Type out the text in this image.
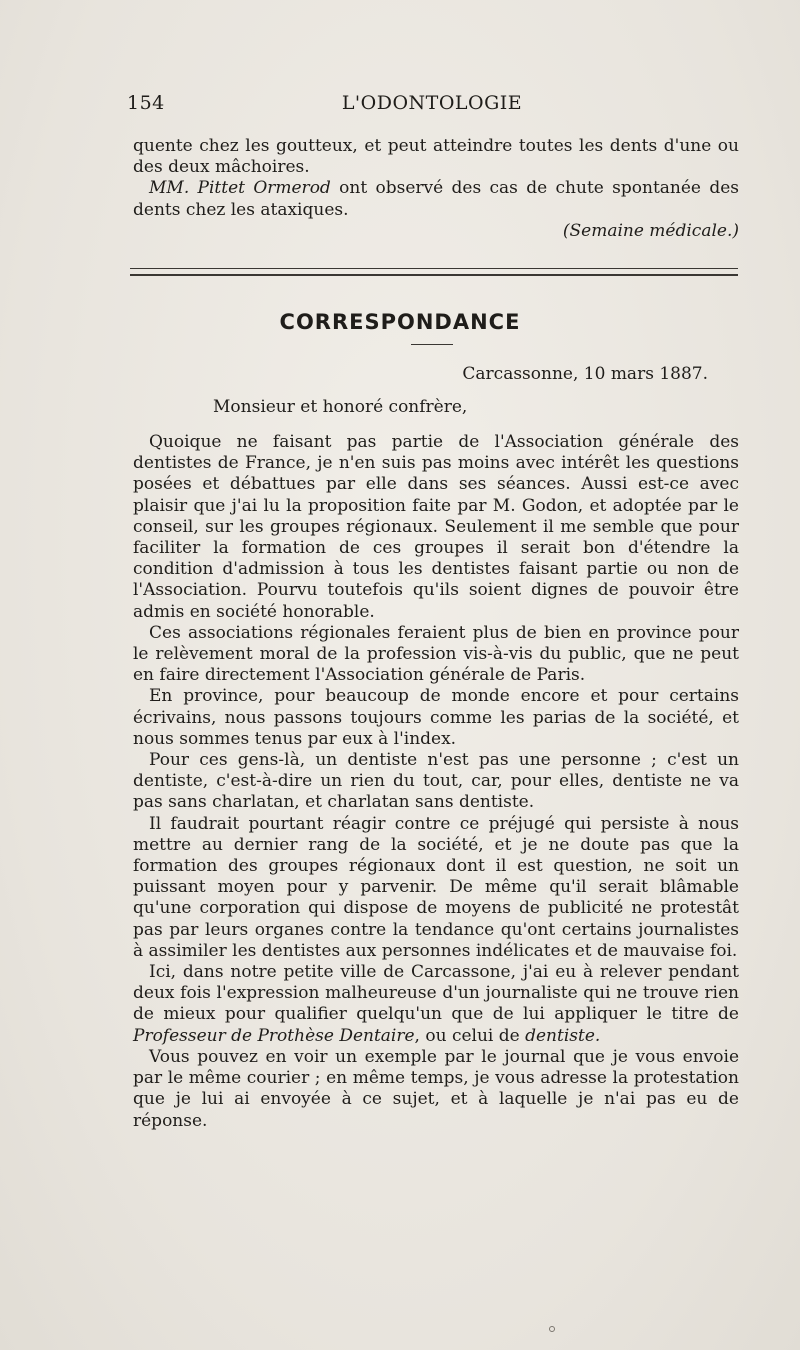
154	L'ODONTOLOGIE

quente chez les goutteux, et peut atteindre toutes les dents d'une ou des deux mâchoires.

MM. Pittet Ormerod ont observé des cas de chute spontanée des dents chez les ataxiques.

(Semaine médicale.)

CORRESPONDANCE
Carcassonne, 10 mars 1887.
Monsieur et honoré confrère,

Quoique ne faisant pas partie de l'Association générale des dentistes de France, je n'en suis pas moins avec intérêt les questions posées et débattues par elle dans ses séances. Aussi est-ce avec plaisir que j'ai lu la proposition faite par M. Godon, et adoptée par le conseil, sur les groupes régionaux. Seulement il me semble que pour faciliter la formation de ces groupes il serait bon d'étendre la condition d'admission à tous les dentistes faisant partie ou non de l'Association. Pourvu toutefois qu'ils soient dignes de pouvoir être admis en société honorable.

Ces associations régionales feraient plus de bien en province pour le relèvement moral de la profession vis-à-vis du public, que ne peut en faire directement l'Association générale de Paris.

En province, pour beaucoup de monde encore et pour certains écrivains, nous passons toujours comme les parias de la société, et nous sommes tenus par eux à l'index.

Pour ces gens-là, un dentiste n'est pas une personne ; c'est un dentiste, c'est-à-dire un rien du tout, car, pour elles, dentiste ne va pas sans charlatan, et charlatan sans dentiste.

Il faudrait pourtant réagir contre ce préjugé qui persiste à nous mettre au dernier rang de la société, et je ne doute pas que la formation des groupes régionaux dont il est question, ne soit un puissant moyen pour y parvenir. De même qu'il serait blâmable qu'une corporation qui dispose de moyens de publicité ne protestât pas par leurs organes contre la tendance qu'ont certains journalistes à assimiler les dentistes aux personnes indélicates et de mauvaise foi.

Ici, dans notre petite ville de Carcassone, j'ai eu à relever pendant deux fois l'expression malheureuse d'un journaliste qui ne trouve rien de mieux pour qualifier quelqu'un que de lui appliquer le titre de Professeur de Prothèse Dentaire, ou celui de dentiste.

Vous pouvez en voir un exemple par le journal que je vous envoie par le même courier ; en même temps, je vous adresse la protestation que je lui ai envoyée à ce sujet, et à laquelle je n'ai pas eu de réponse.
